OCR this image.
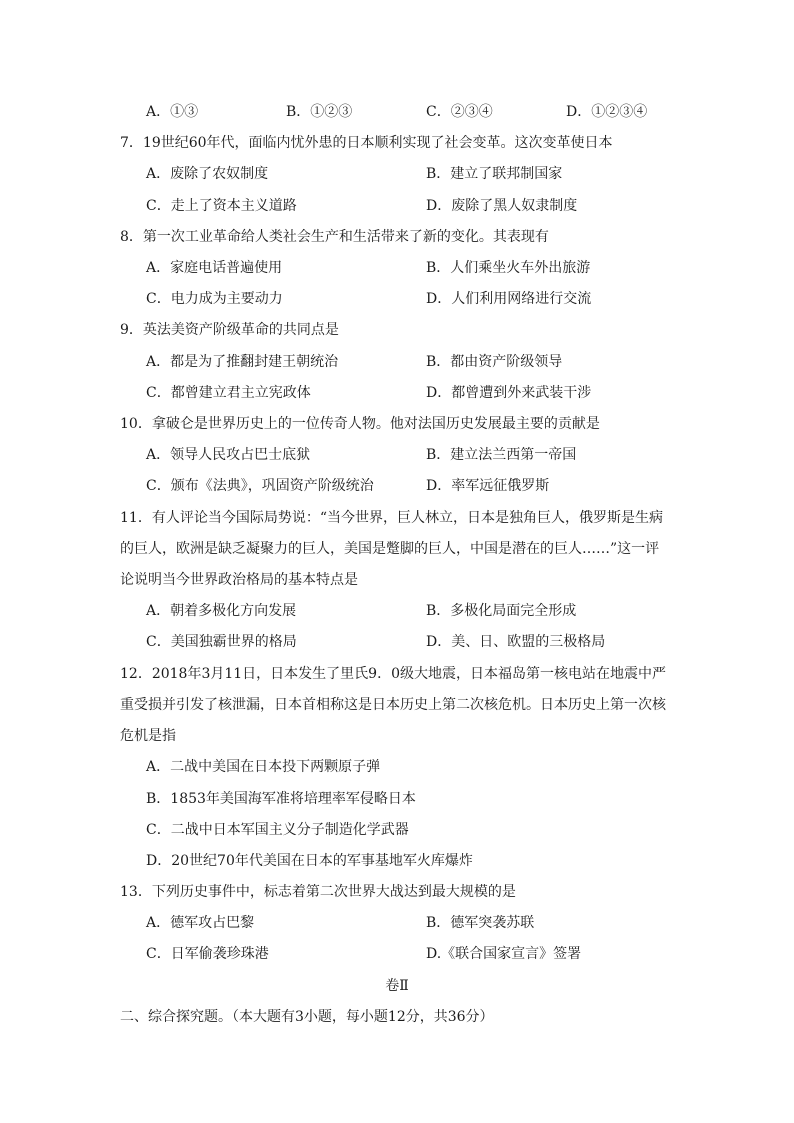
A．①③	B．①②③	C．②③④	D．①②③④
7．19世纪60年代，面临内忧外患的日本顺利实现了社会变革。这次变革使日本
A．废除了农奴制度	B．建立了联邦制国家
C．走上了资本主义道路	D．废除了黑人奴隶制度
8．第一次工业革命给人类社会生产和生活带来了新的变化。其表现有
A．家庭电话普遍使用	B．人们乘坐火车外出旅游
C．电力成为主要动力	D．人们利用网络进行交流
9．英法美资产阶级革命的共同点是
A．都是为了推翻封建王朝统治	B．都由资产阶级领导
C．都曾建立君主立宪政体	D．都曾遭到外来武装干涉
10．拿破仑是世界历史上的一位传奇人物。他对法国历史发展最主要的贡献是
A．领导人民攻占巴士底狱	B．建立法兰西第一帝国
C．颁布《法典》，巩固资产阶级统治	D．率军远征俄罗斯
11．有人评论当今国际局势说：“当今世界，巨人林立，日本是独角巨人，俄罗斯是生病
的巨人，欧洲是缺乏凝聚力的巨人，美国是蹩脚的巨人，中国是潜在的巨人……”这一评
论说明当今世界政治格局的基本特点是
A．朝着多极化方向发展	B．多极化局面完全形成
C．美国独霸世界的格局	D．美、日、欧盟的三极格局
12．2018年3月11日，日本发生了里氏9．0级大地震，日本福岛第一核电站在地震中严
重受损并引发了核泄漏，日本首相称这是日本历史上第二次核危机。日本历史上第一次核
危机是指
A．二战中美国在日本投下两颗原子弹
B．1853年美国海军准将培理率军侵略日本
C．二战中日本军国主义分子制造化学武器
D．20世纪70年代美国在日本的军事基地军火库爆炸
13．下列历史事件中，标志着第二次世界大战达到最大规模的是
A．德军攻占巴黎	B．德军突袭苏联
C．日军偷袭珍珠港	D.《联合国家宣言》签署
卷Ⅱ
二、综合探究题。（本大题有3小题，每小题12分，共36分）
